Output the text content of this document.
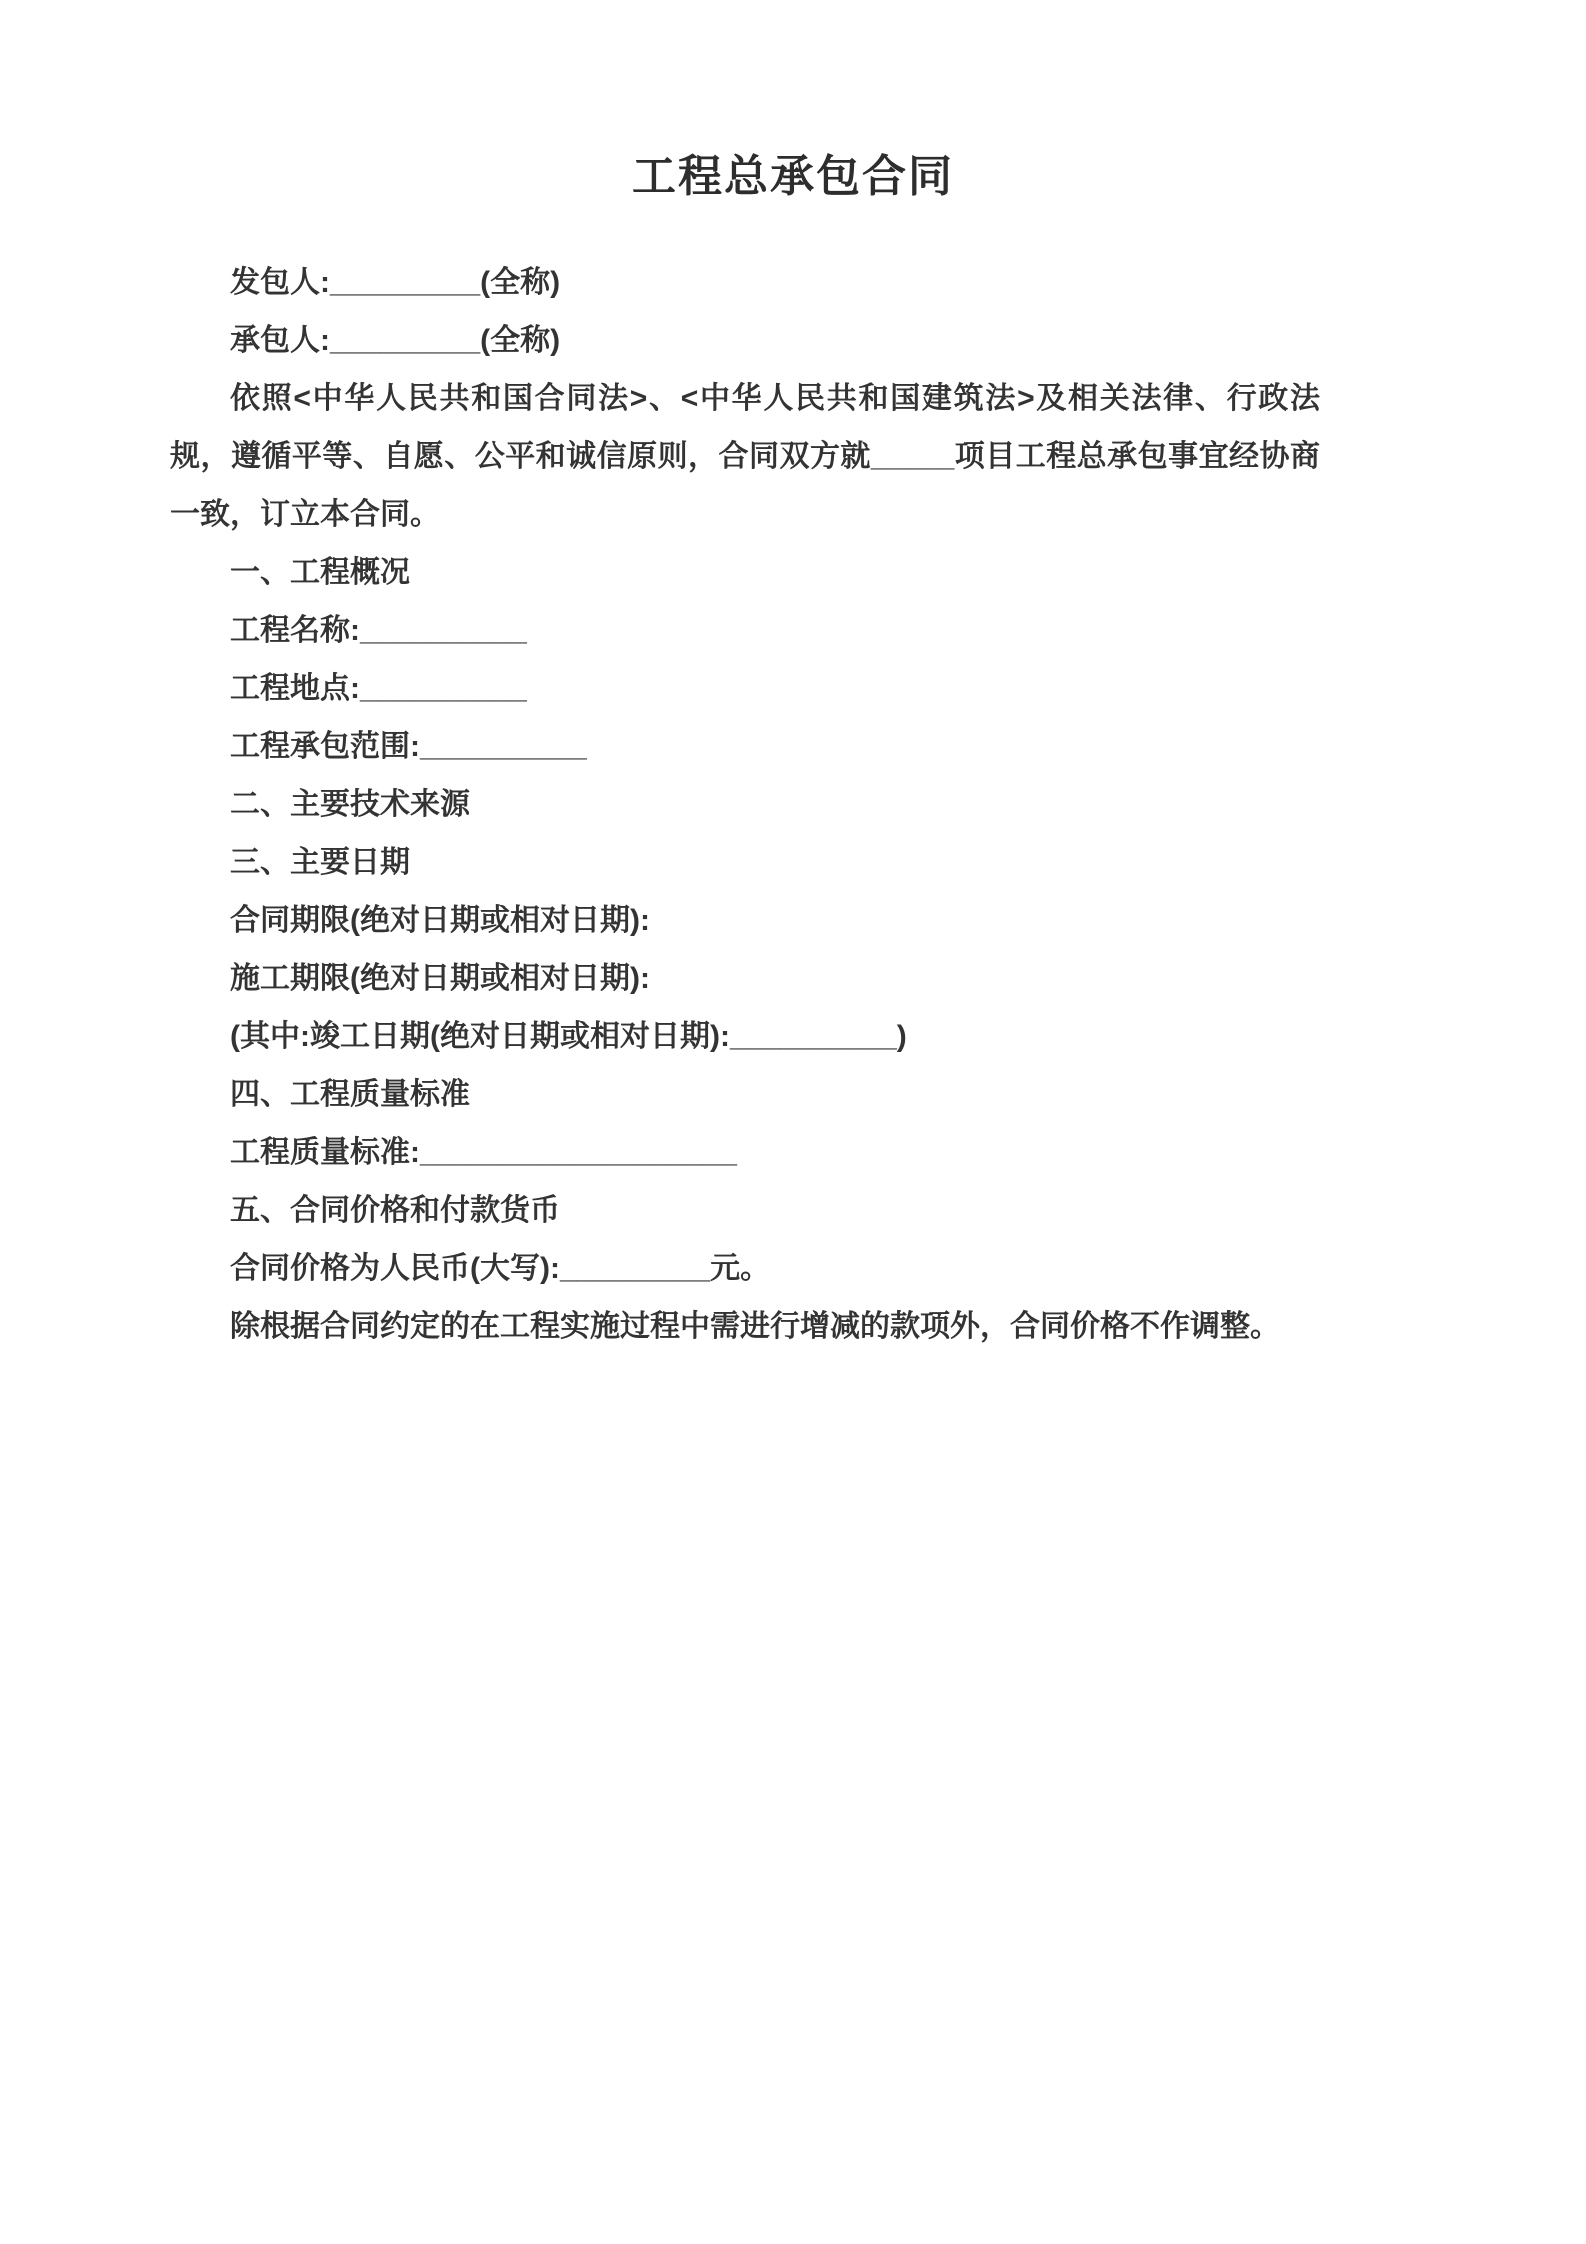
工程总承包合同

发包人:_________(全称)

承包人:_________(全称)

依照<中华人民共和国合同法>、<中华人民共和国建筑法>及相关法律、行政法规，遵循平等、自愿、公平和诚信原则，合同双方就_____项目工程总承包事宜经协商一致，订立本合同。

一、工程概况

工程名称:__________

工程地点:__________

工程承包范围:__________

二、主要技术来源

三、主要日期

合同期限(绝对日期或相对日期):

施工期限(绝对日期或相对日期):

(其中:竣工日期(绝对日期或相对日期):__________)

四、工程质量标准

工程质量标准:___________________

五、合同价格和付款货币

合同价格为人民币(大写):_________元。

除根据合同约定的在工程实施过程中需进行增减的款项外，合同价格不作调整。
